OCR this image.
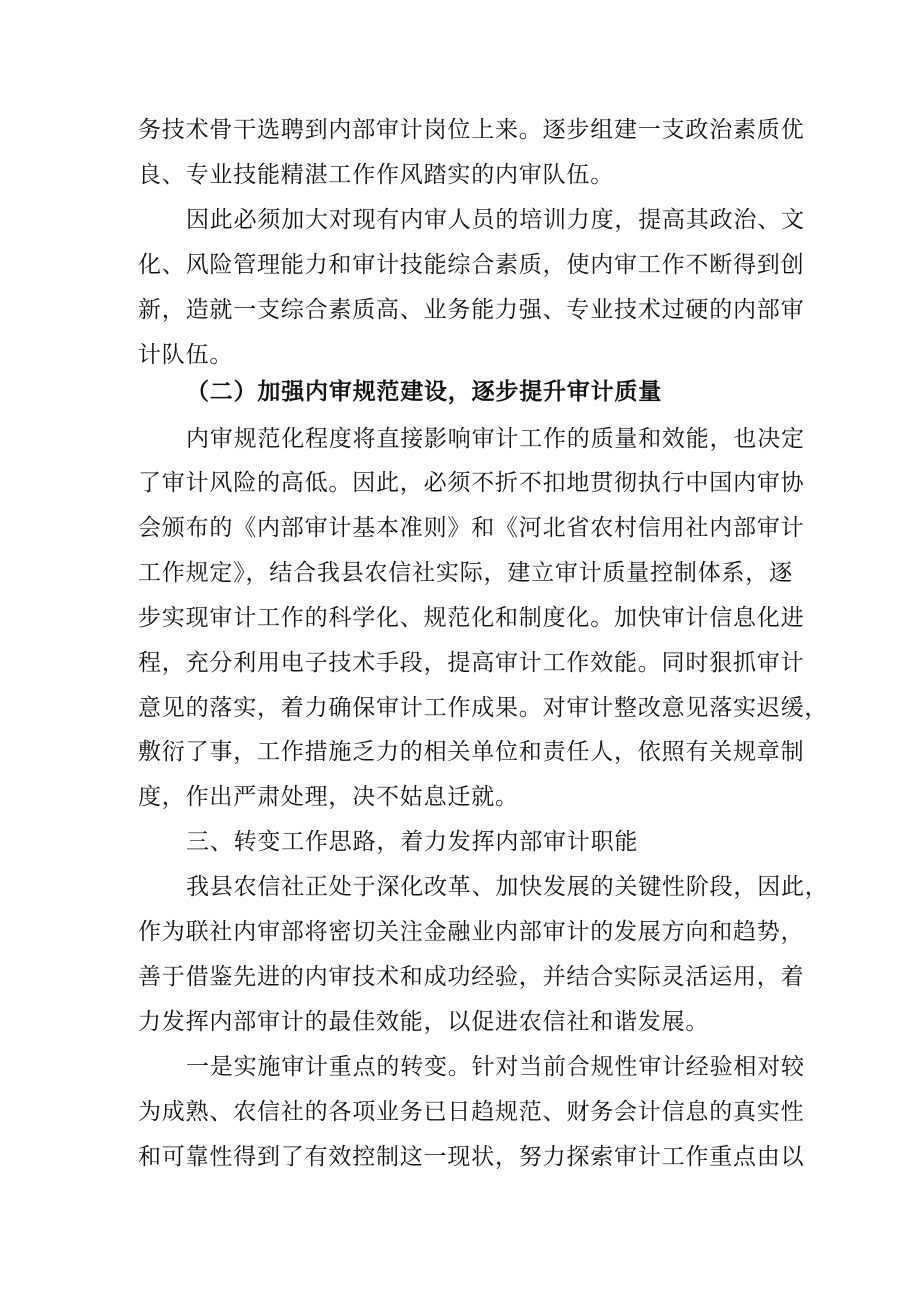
务技术骨干选聘到内部审计岗位上来。逐步组建一支政治素质优
良、专业技能精湛工作作风踏实的内审队伍。
因此必须加大对现有内审人员的培训力度，提高其政治、文
化、风险管理能力和审计技能综合素质，使内审工作不断得到创
新，造就一支综合素质高、业务能力强、专业技术过硬的内部审
计队伍。
（二）加强内审规范建设，逐步提升审计质量
内审规范化程度将直接影响审计工作的质量和效能，也决定
了审计风险的高低。因此，必须不折不扣地贯彻执行中国内审协
会颁布的《内部审计基本准则》和《河北省农村信用社内部审计
工作规定》，结合我县农信社实际，建立审计质量控制体系，逐
步实现审计工作的科学化、规范化和制度化。加快审计信息化进
程，充分利用电子技术手段，提高审计工作效能。同时狠抓审计
意见的落实，着力确保审计工作成果。对审计整改意见落实迟缓，
敷衍了事，工作措施乏力的相关单位和责任人，依照有关规章制
度，作出严肃处理，决不姑息迁就。
三、转变工作思路，着力发挥内部审计职能
我县农信社正处于深化改革、加快发展的关键性阶段，因此，
作为联社内审部将密切关注金融业内部审计的发展方向和趋势，
善于借鉴先进的内审技术和成功经验，并结合实际灵活运用，着
力发挥内部审计的最佳效能，以促进农信社和谐发展。
一是实施审计重点的转变。针对当前合规性审计经验相对较
为成熟、农信社的各项业务已日趋规范、财务会计信息的真实性
和可靠性得到了有效控制这一现状，努力探索审计工作重点由以
